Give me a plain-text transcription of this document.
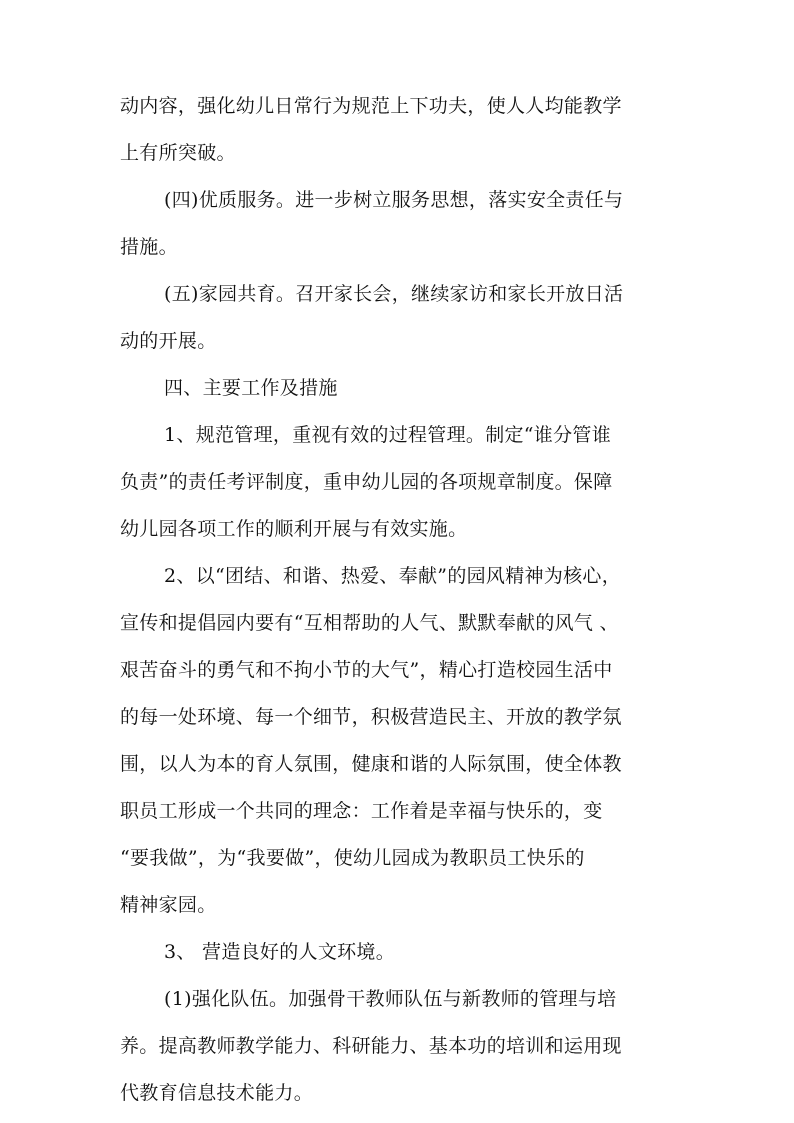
动内容，强化幼儿日常行为规范上下功夫，使人人均能教学
上有所突破。
(四)优质服务。进一步树立服务思想，落实安全责任与
措施。
(五)家园共育。召开家长会，继续家访和家长开放日活
动的开展。
四、主要工作及措施
1、规范管理，重视有效的过程管理。制定“谁分管谁
负责”的责任考评制度，重申幼儿园的各项规章制度。保障
幼儿园各项工作的顺利开展与有效实施。
2、以“团结、和谐、热爱、奉献”的园风精神为核心，
宣传和提倡园内要有“互相帮助的人气、默默奉献的风气 、
艰苦奋斗的勇气和不拘小节的大气”，精心打造校园生活中
的每一处环境、每一个细节，积极营造民主、开放的教学氛
围，以人为本的育人氛围，健康和谐的人际氛围，使全体教
职员工形成一个共同的理念：工作着是幸福与快乐的，变
“要我做”，为“我要做”，使幼儿园成为教职员工快乐的
精神家园。
3、 营造良好的人文环境。
(1)强化队伍。加强骨干教师队伍与新教师的管理与培
养。提高教师教学能力、科研能力、基本功的培训和运用现
代教育信息技术能力。
